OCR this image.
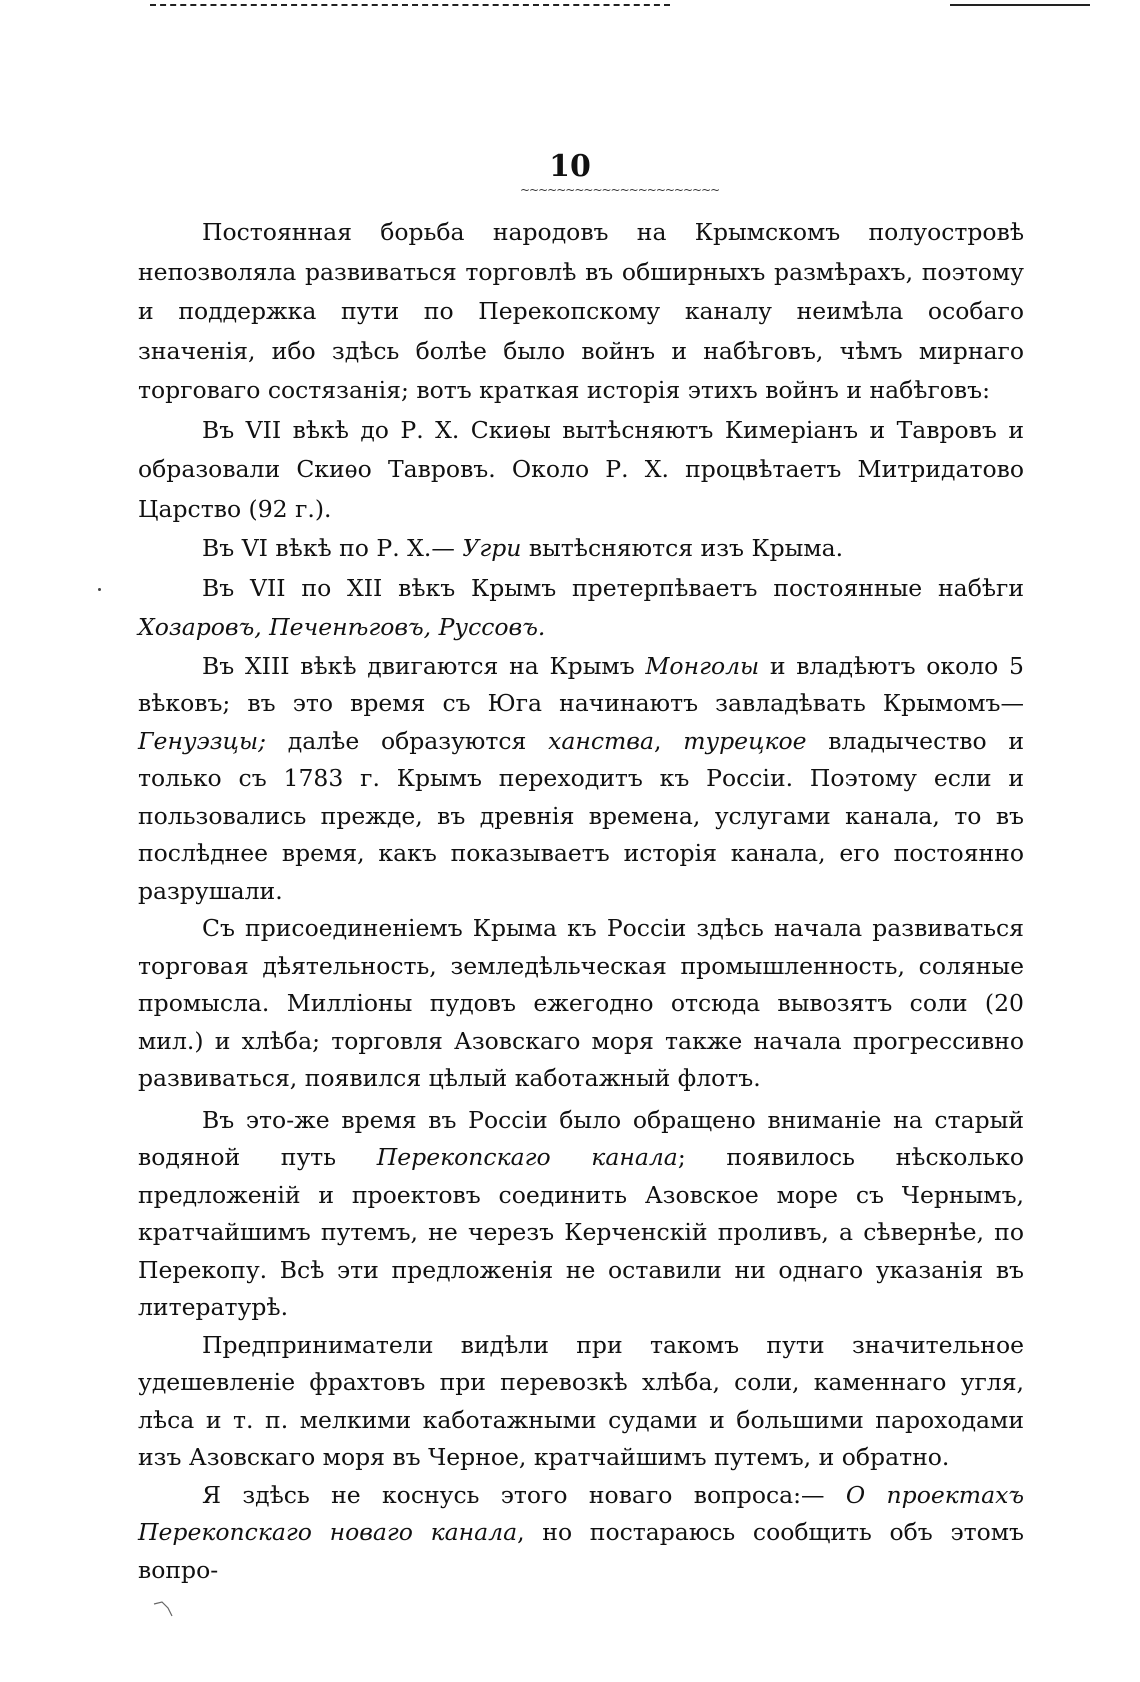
10
~~~~~~~~~~~~~~~~~~~~~~

Постоянная борьба народовъ на Крымскомъ полуостровѣ непозволяла развиваться торговлѣ въ обширныхъ размѣрахъ, поэтому и поддержка пути по Перекопскому каналу неимѣла особаго значенія, ибо здѣсь болѣе было войнъ и набѣговъ, чѣмъ мирнаго торговаго состязанія; вотъ краткая исторія этихъ войнъ и набѣговъ:

Въ VII вѣкѣ до Р. Х. Скиѳы вытѣсняютъ Кимеріанъ и Тавровъ и образовали Скиѳо Тавровъ. Около Р. Х. процвѣтаетъ Митридатово Царство (92 г.).

Въ VI вѣкѣ по Р. Х.— Угри вытѣсняются изъ Крыма.

Въ VII по XII вѣкъ Крымъ претерпѣваетъ постоянные набѣги Хозаровъ, Печенѣговъ, Руссовъ.

Въ XIII вѣкѣ двигаются на Крымъ Монголы и владѣютъ около 5 вѣковъ; въ это время съ Юга начинаютъ завладѣвать Крымомъ— Генуэзцы; далѣе образуются ханства, турецкое владычество и только съ 1783 г. Крымъ переходитъ къ Россіи. Поэтому если и пользовались прежде, въ древнія времена, услугами канала, то въ послѣднее время, какъ показываетъ исторія канала, его постоянно разрушали.

Съ присоединеніемъ Крыма къ Россіи здѣсь начала развиваться торговая дѣятельность, земледѣльческая промышленность, соляные промысла. Милліоны пудовъ ежегодно отсюда вывозятъ соли (20 мил.) и хлѣба; торговля Азовскаго моря также начала прогрессивно развиваться, появился цѣлый каботажный флотъ.

Въ это-же время въ Россіи было обращено вниманіе на старый водяной путь Перекопскаго канала; появилось нѣсколько предложеній и проектовъ соединить Азовское море съ Чернымъ, кратчайшимъ путемъ, не черезъ Керченскій проливъ, а сѣвернѣе, по Перекопу. Всѣ эти предложенія не оставили ни однаго указанія въ литературѣ.

Предприниматели видѣли при такомъ пути значительное удешевленіе фрахтовъ при перевозкѣ хлѣба, соли, каменнаго угля, лѣса и т. п. мелкими каботажными судами и большими пароходами изъ Азовскаго моря въ Черное, кратчайшимъ путемъ, и обратно.

Я здѣсь не коснусь этого новаго вопроса:— О проектахъ Перекопскаго новаго канала, но постараюсь сообщить объ этомъ вопро-
